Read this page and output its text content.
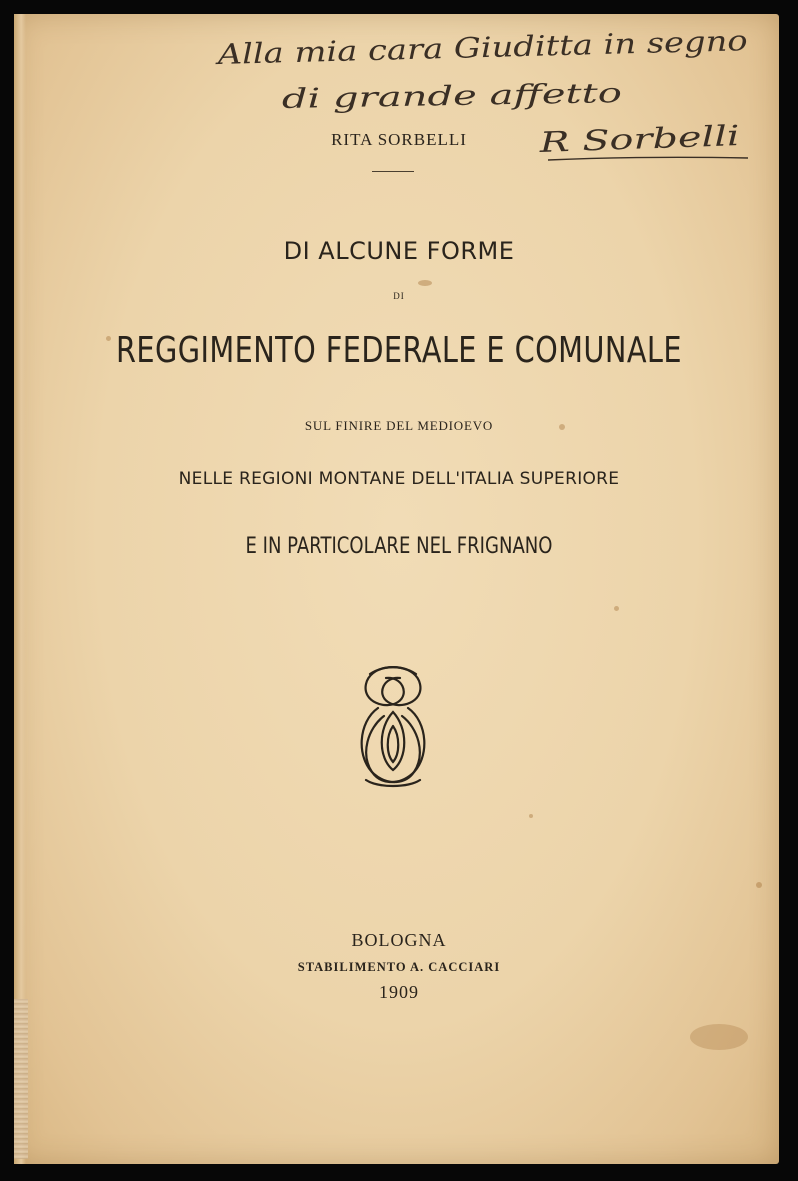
Alla mia cara Giuditta in segno
di grande affetto
R Sorbelli
RITA SORBELLI
DI ALCUNE FORME
DI
REGGIMENTO FEDERALE E COMUNALE
SUL FINIRE DEL MEDIOEVO
NELLE REGIONI MONTANE DELL'ITALIA SUPERIORE
E IN PARTICOLARE NEL FRIGNANO
BOLOGNA
STABILIMENTO A. CACCIARI
1909
